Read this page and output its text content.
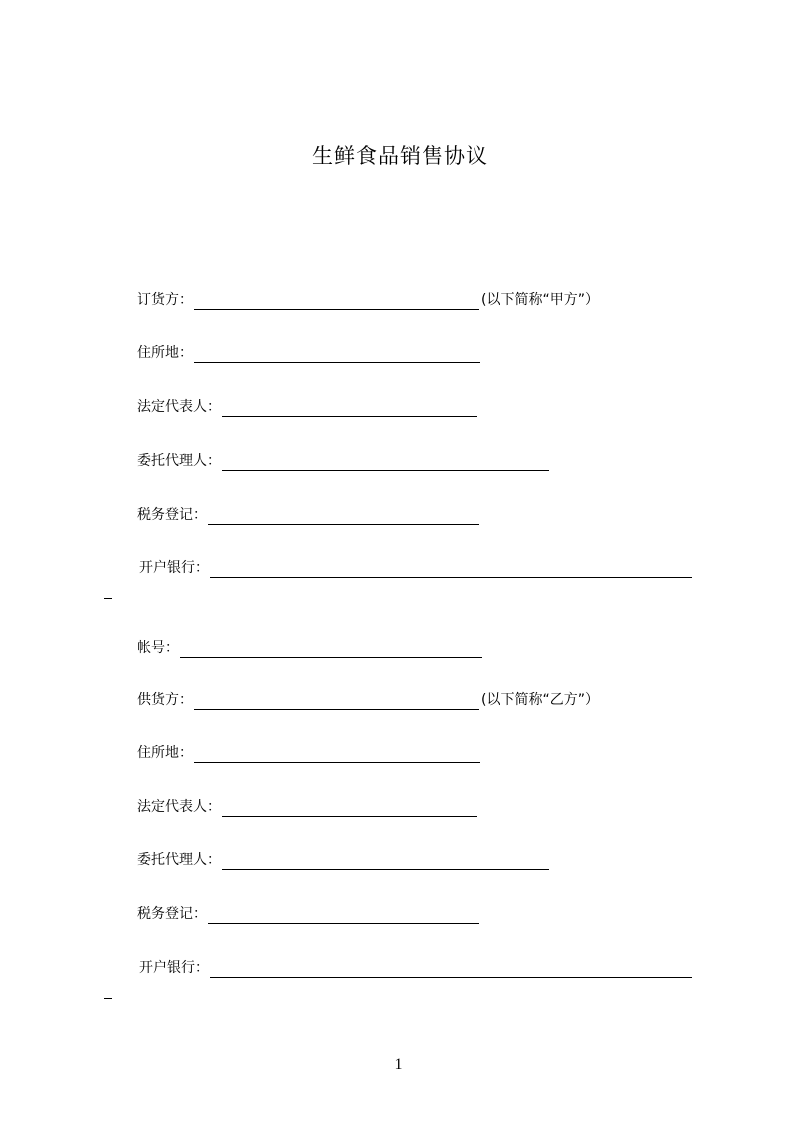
生鲜食品销售协议
订货方：	(以下简称“甲方”）
住所地：
法定代表人：
委托代理人：
税务登记：
开户银行：
帐号：
供货方：	(以下简称“乙方”）
住所地：
法定代表人：
委托代理人：
税务登记：
开户银行：
1
